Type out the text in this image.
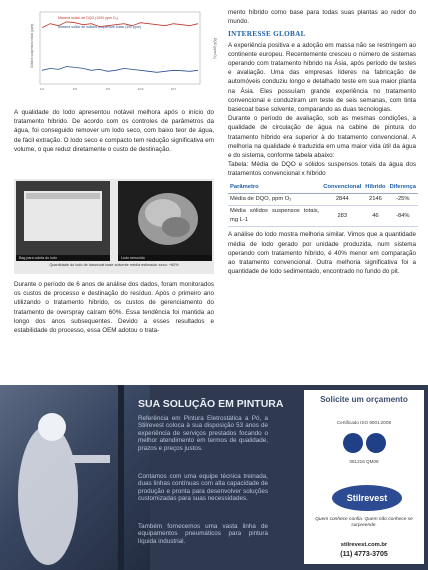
Máxima sólido de DQO (1000 ppm O₂)
Máxima sólido de sólidos suspensos totais (300 ppm)
Sólidos suspensos totais (ppm)	DQO (ppm O₂)
1/1	1/5	1/9	1/13	1/17

A qualidade do lodo apresentou notável melhora após o início do tratamento híbrido. De acordo com os controles de parâmetros da água, foi conseguido remover um lodo seco, com baixo teor de água, de fácil extração. O lodo seco e compacto tem redução significativa em volume, o que reduz diretamente o custo de destinação.

Bag para coleta do lodo	Lodo removido
Quantidade do lodo de basecoat base solvente média estimada: seco: +60%

Durante o período de 6 anos de análise dos dados, foram monitorados os custos de processo e destinação do resíduo. Após o primeiro ano utilizando o tratamento híbrido, os custos de gerenciamento do tratamento de overspray caíram 60%. Essa tendência foi mantida ao longo dos anos subsequentes. Devido a esses resultados e estabilidade do processo, essa OEM adotou o trata-

mento híbrido como base para todas suas plantas ao redor do mundo.

INTERESSE GLOBAL

A experiência positiva e a adoção em massa não se restringem ao continente europeu. Recentemente cresceu o número de sistemas operando com tratamento híbrido na Ásia, após período de testes e avaliação. Uma das empresas líderes na fabricação de automóveis conduziu longo e detalhado teste em sua maior planta na Ásia. Eles possuíam grande experiência no tratamento convencional e conduziram um teste de seis semanas, com tinta basecoat base solvente, comparando as duas tecnologias.

Durante o período de avaliação, sob as mesmas condições, a qualidade de circulação de água na cabine de pintura do tratamento híbrido era superior à do tratamento convencional. A melhoria na qualidade é traduzida em uma maior vida útil da água e do sistema, conforme tabela abaixo:

Tabela: Média de DQO e sólidos suspensos totais da água dos tratamentos convencional x híbrido

Parâmetro	Convencional	Híbrido	Diferença
Média de DQO, ppm O₂	2844	2146	-25%
Média sólidos suspensos totais, mg L-1	283	46	-84%

A análise do lodo mostra melhoria similar. Vimos que a quantidade média de lodo gerado por unidade produzida, num sistema operando com tratamento híbrido, é 40% menor em comparação ao tratamento convencional. Outra melhoria significativa foi a quantidade de lodo sedimentado, encontrado no fundo do pit.

SUA SOLUÇÃO EM PINTURA
Referência em Pintura Eletrostática a Pó, a Stilrevest coloca à sua disposição 53 anos de experiência de serviços prestados focando o melhor atendimento em termos de qualidade, prazos e preços justos.
Contamos com uma equipe técnica treinada, duas linhas contínuas com alta capacidade de produção e pronta para desenvolver soluções customizadas para suas necessidades.
Também fornecemos uma vasta linha de equipamentos pneumáticos para pintura líquida industrial.
Solicite um orçamento
Certificado ISO 9001:2008
081216 QM08
Stilrevest
Quem conhece confia. Quem não conhece se surpreende.
stilrevest.com.br
(11) 4773-3705
